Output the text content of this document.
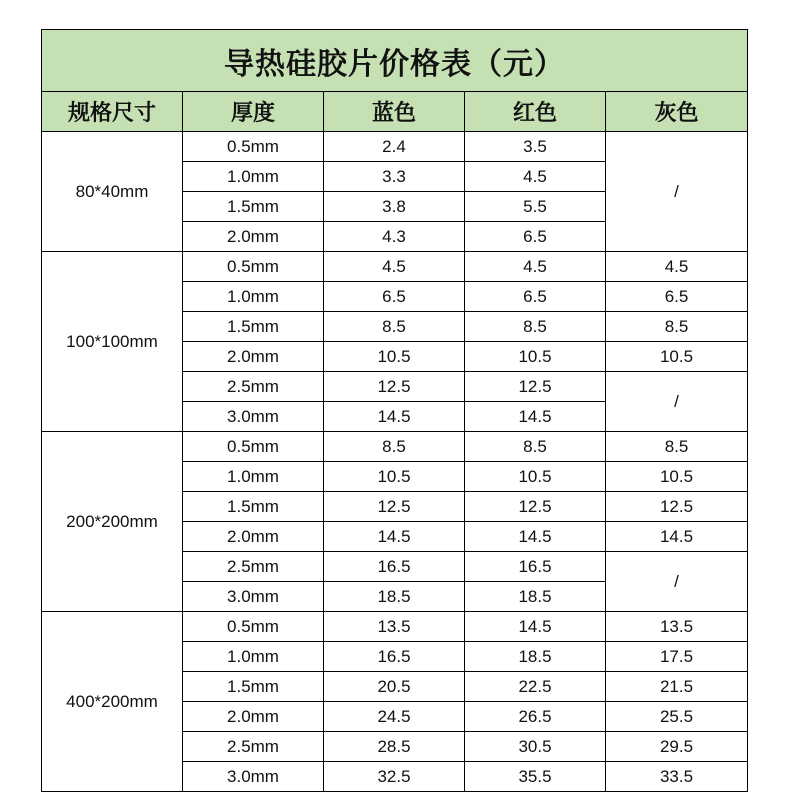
导热硅胶片价格表（元）				
规格尺寸	厚度	蓝色	红色	灰色
80*40mm	0.5mm	2.4	3.5	/
	1.0mm	3.3	4.5	
	1.5mm	3.8	5.5	
	2.0mm	4.3	6.5	
100*100mm	0.5mm	4.5	4.5	4.5
	1.0mm	6.5	6.5	6.5
	1.5mm	8.5	8.5	8.5
	2.0mm	10.5	10.5	10.5
	2.5mm	12.5	12.5	/
	3.0mm	14.5	14.5	
200*200mm	0.5mm	8.5	8.5	8.5
	1.0mm	10.5	10.5	10.5
	1.5mm	12.5	12.5	12.5
	2.0mm	14.5	14.5	14.5
	2.5mm	16.5	16.5	/
	3.0mm	18.5	18.5	
400*200mm	0.5mm	13.5	14.5	13.5
	1.0mm	16.5	18.5	17.5
	1.5mm	20.5	22.5	21.5
	2.0mm	24.5	26.5	25.5
	2.5mm	28.5	30.5	29.5
	3.0mm	32.5	35.5	33.5
